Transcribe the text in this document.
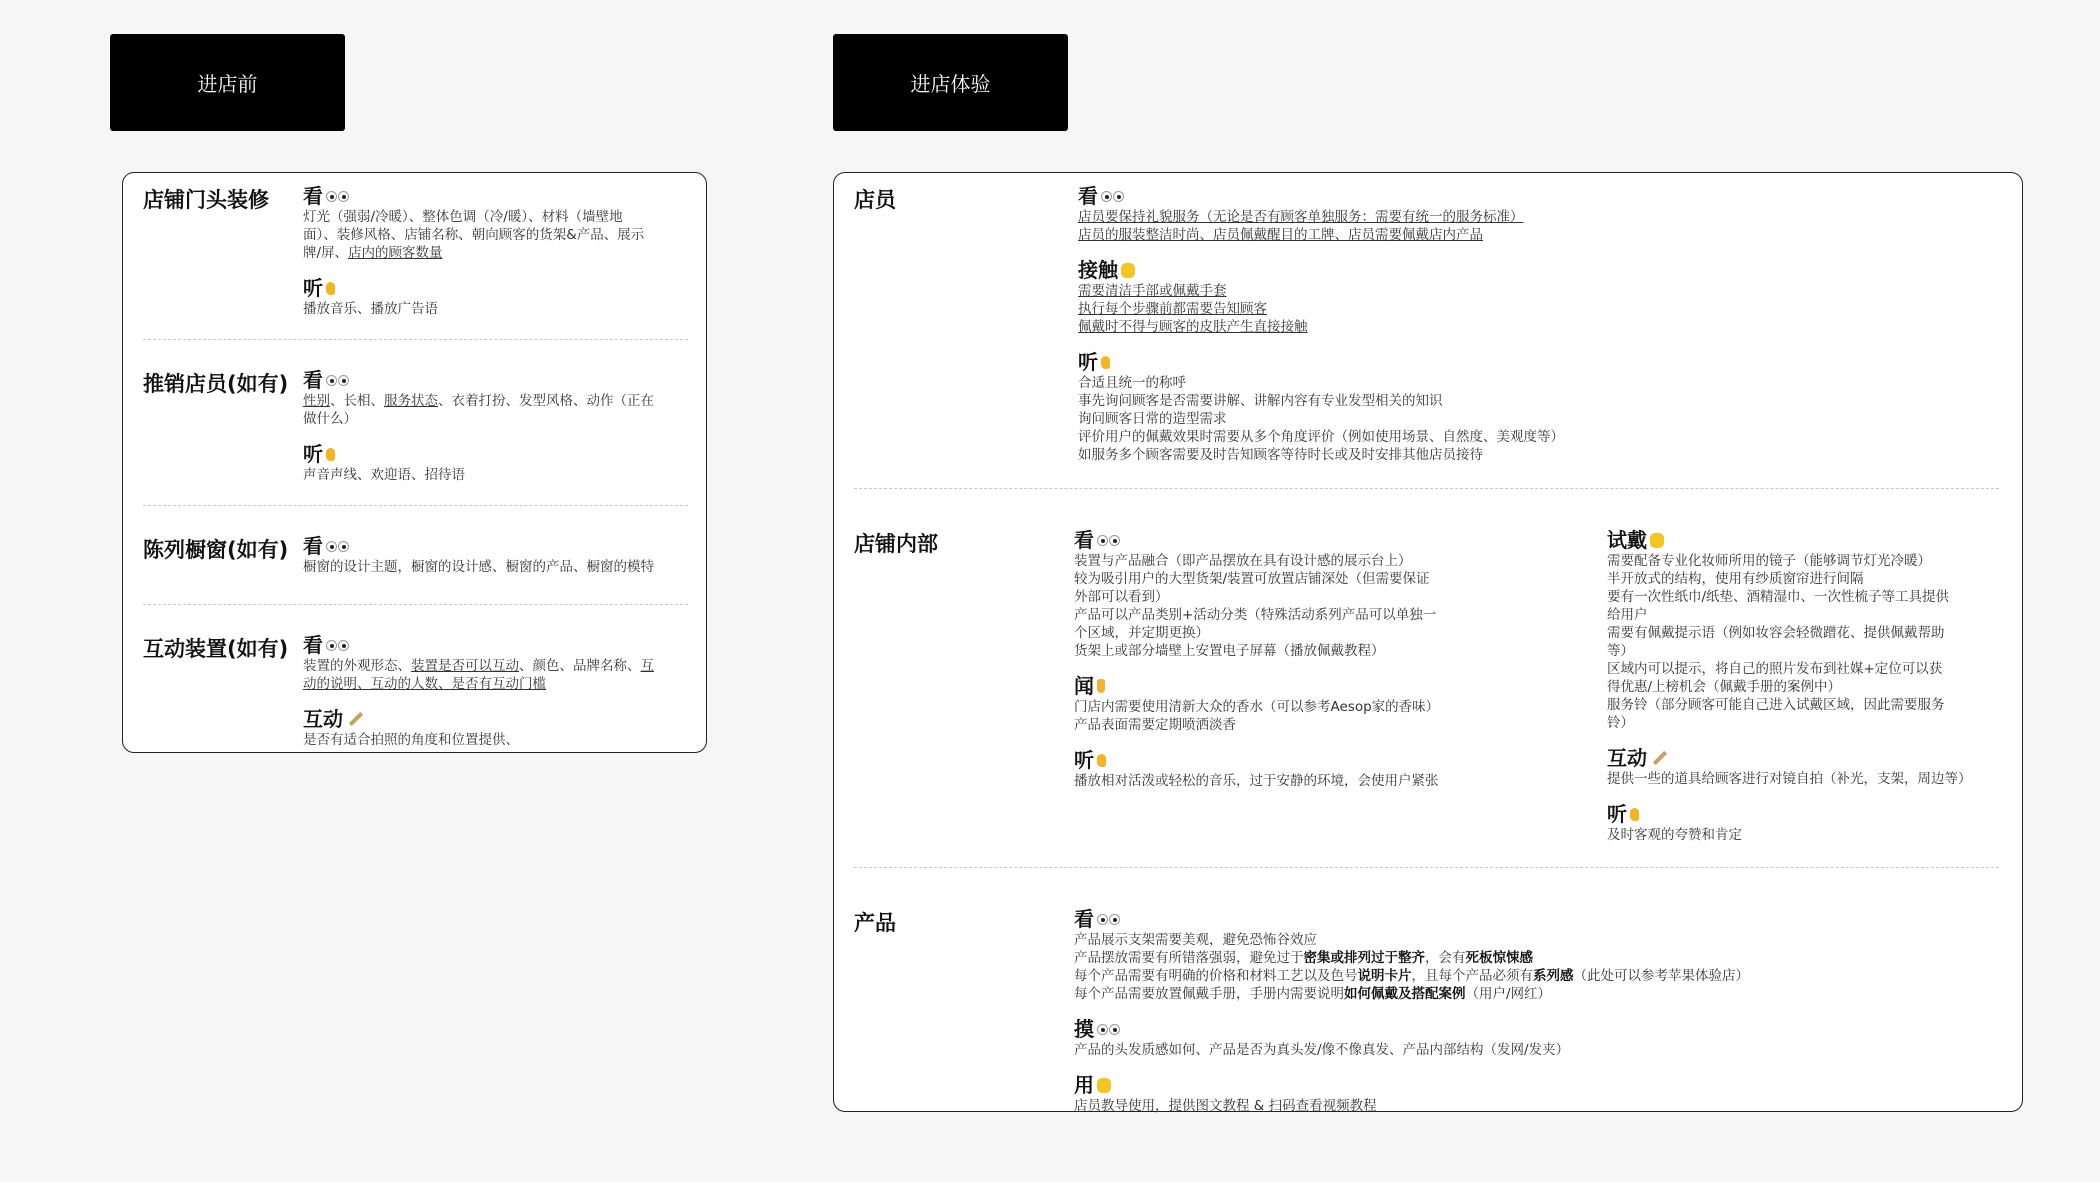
进店前	进店体验
店铺门头装修 看
灯光（强弱/冷暖）、整体色调（冷/暖）、材料（墙壁地
面）、装修风格、店铺名称、朝向顾客的货架&产品、展示
牌/屏、店内的顾客数量
听
播放音乐、播放广告语
推销店员(如有) 看
性别、长相、服务状态、衣着打扮、发型风格、动作（正在
做什么）
听
声音声线、欢迎语、招待语
陈列橱窗(如有) 看
橱窗的设计主题，橱窗的设计感、橱窗的产品、橱窗的模特
互动装置(如有) 看
装置的外观形态、装置是否可以互动、颜色、品牌名称、互
动的说明、互动的人数、是否有互动门槛
互动
是否有适合拍照的角度和位置提供、
店员	看
店员要保持礼貌服务（无论是否有顾客单独服务：需要有统一的服务标准）
店员的服装整洁时尚、店员佩戴醒目的工牌、店员需要佩戴店内产品
接触
需要清洁手部或佩戴手套
执行每个步骤前都需要告知顾客
佩戴时不得与顾客的皮肤产生直接接触
听
合适且统一的称呼
事先询问顾客是否需要讲解、讲解内容有专业发型相关的知识
询问顾客日常的造型需求
评价用户的佩戴效果时需要从多个角度评价（例如使用场景、自然度、美观度等）
如服务多个顾客需要及时告知顾客等待时长或及时安排其他店员接待
店铺内部	看
装置与产品融合（即产品摆放在具有设计感的展示台上）
较为吸引用户的大型货架/装置可放置店铺深处（但需要保证
外部可以看到）
产品可以产品类别+活动分类（特殊活动系列产品可以单独一
个区域，并定期更换）
货架上或部分墙壁上安置电子屏幕（播放佩戴教程）
闻
门店内需要使用清新大众的香水（可以参考Aesop家的香味）
产品表面需要定期喷洒淡香
听
播放相对活泼或轻松的音乐，过于安静的环境，会使用户紧张
试戴
需要配备专业化妆师所用的镜子（能够调节灯光冷暖）
半开放式的结构，使用有纱质窗帘进行间隔
要有一次性纸巾/纸垫、酒精湿巾、一次性梳子等工具提供
给用户
需要有佩戴提示语（例如妆容会轻微蹭花、提供佩戴帮助
等）
区域内可以提示，将自己的照片发布到社媒+定位可以获
得优惠/上榜机会（佩戴手册的案例中）
服务铃（部分顾客可能自己进入试戴区域，因此需要服务
铃）
互动
提供一些的道具给顾客进行对镜自拍（补光，支架，周边等）
听
及时客观的夸赞和肯定
产品	看
产品展示支架需要美观，避免恐怖谷效应
产品摆放需要有所错落强弱，避免过于密集或排列过于整齐，会有死板惊悚感
每个产品需要有明确的价格和材料工艺以及色号说明卡片，且每个产品必须有系列感（此处可以参考苹果体验店）
每个产品需要放置佩戴手册，手册内需要说明如何佩戴及搭配案例（用户/网红）
摸
产品的头发质感如何、产品是否为真头发/像不像真发、产品内部结构（发网/发夹）
用
店员教导使用，提供图文教程 & 扫码查看视频教程
